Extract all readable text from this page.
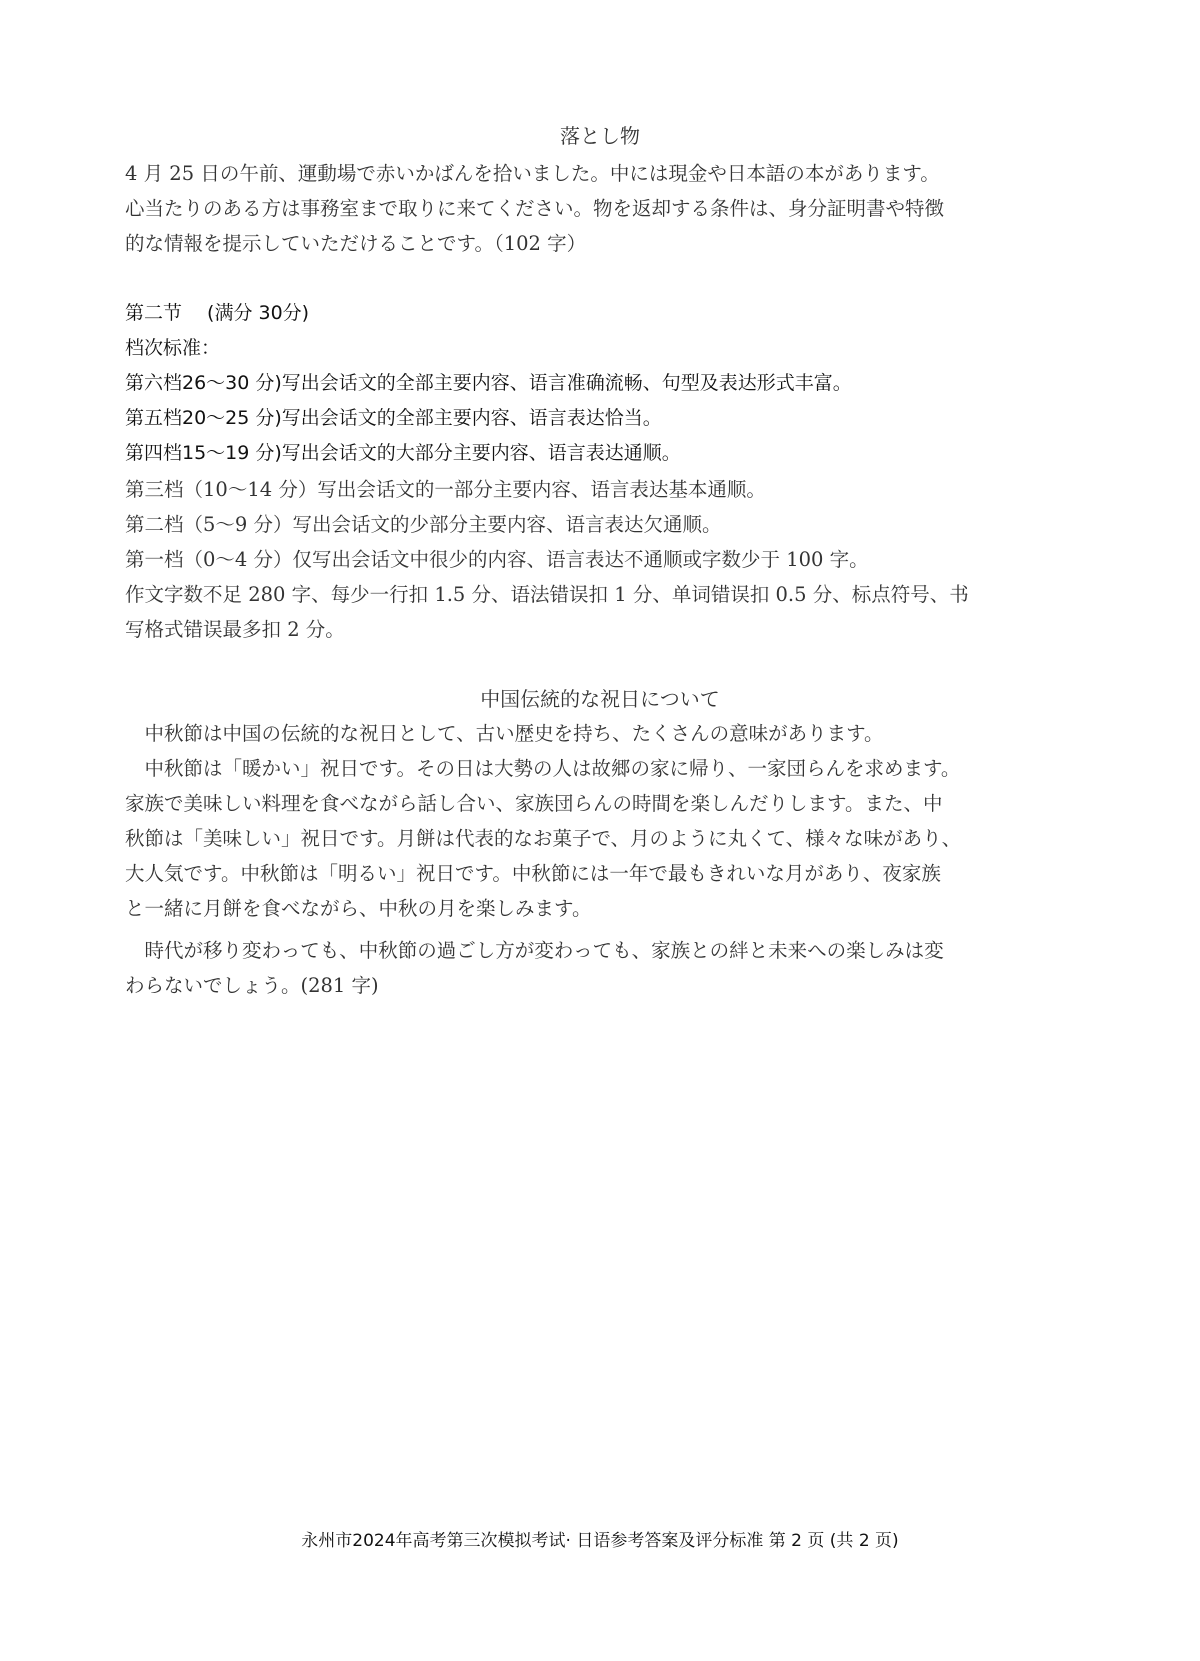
落とし物
4 月 25 日の午前、運動場で赤いかばんを拾いました。中には現金や日本語の本があります。
心当たりのある方は事務室まで取りに来てください。物を返却する条件は、身分証明書や特徴
的な情報を提示していただけることです。（102 字）
第二节　 (满分 30分)
档次标准：
第六档26～30 分)写出会话文的全部主要内容、语言准确流畅、句型及表达形式丰富。
第五档20～25 分)写出会话文的全部主要内容、语言表达恰当。
第四档15～19 分)写出会话文的大部分主要内容、语言表达通顺。
第三档（10～14 分）写出会话文的一部分主要内容、语言表达基本通顺。
第二档（5～9 分）写出会话文的少部分主要内容、语言表达欠通顺。
第一档（0～4 分）仅写出会话文中很少的内容、语言表达不通顺或字数少于 100 字。
作文字数不足 280 字、每少一行扣 1.5 分、语法错误扣 1 分、单词错误扣 0.5 分、标点符号、书
写格式错误最多扣 2 分。
中国伝統的な祝日について
　中秋節は中国の伝統的な祝日として、古い歴史を持ち、たくさんの意味があります。
　中秋節は「暖かい」祝日です。その日は大勢の人は故郷の家に帰り、一家団らんを求めます。
家族で美味しい料理を食べながら話し合い、家族団らんの時間を楽しんだりします。また、中
秋節は「美味しい」祝日です。月餅は代表的なお菓子で、月のように丸くて、様々な味があり、
大人気です。中秋節は「明るい」祝日です。中秋節には一年で最もきれいな月があり、夜家族
と一緒に月餅を食べながら、中秋の月を楽しみます。
　時代が移り変わっても、中秋節の過ごし方が変わっても、家族との絆と未来への楽しみは変
わらないでしょう。(281 字)
永州市2024年高考第三次模拟考试· 日语参考答案及评分标准 第 2 页 (共 2 页)
